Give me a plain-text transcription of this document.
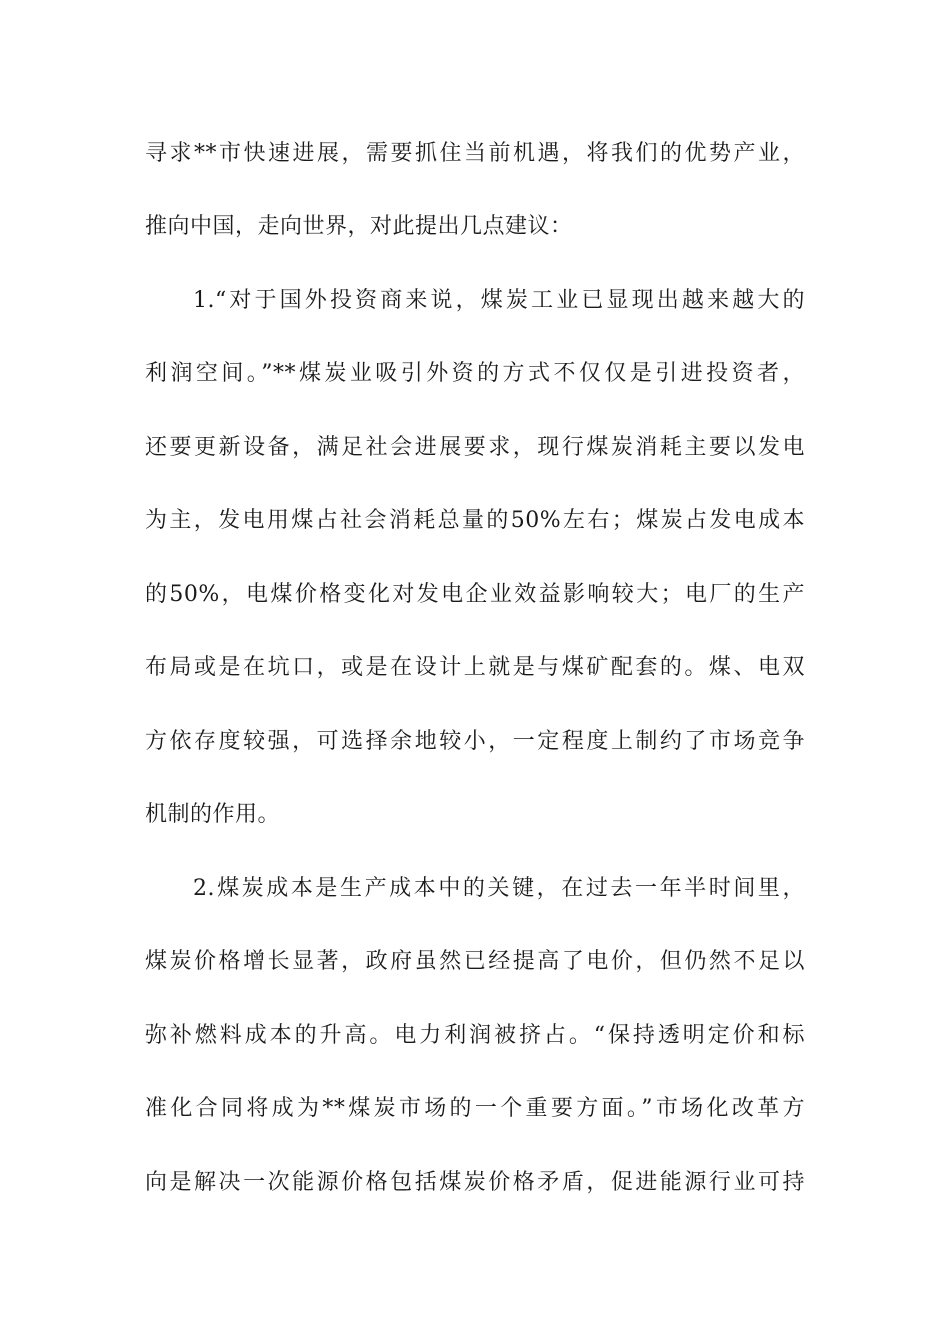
寻求**市快速进展，需要抓住当前机遇，将我们的优势产业，
推向中国，走向世界，对此提出几点建议：
1.“对于国外投资商来说，煤炭工业已显现出越来越大的
利润空间。”**煤炭业吸引外资的方式不仅仅是引进投资者，
还要更新设备，满足社会进展要求，现行煤炭消耗主要以发电
为主，发电用煤占社会消耗总量的50%左右；煤炭占发电成本
的50%，电煤价格变化对发电企业效益影响较大；电厂的生产
布局或是在坑口，或是在设计上就是与煤矿配套的。煤、电双
方依存度较强，可选择余地较小，一定程度上制约了市场竞争
机制的作用。
2.煤炭成本是生产成本中的关键，在过去一年半时间里，
煤炭价格增长显著，政府虽然已经提高了电价，但仍然不足以
弥补燃料成本的升高。电力利润被挤占。“保持透明定价和标
准化合同将成为**煤炭市场的一个重要方面。”市场化改革方
向是解决一次能源价格包括煤炭价格矛盾，促进能源行业可持
